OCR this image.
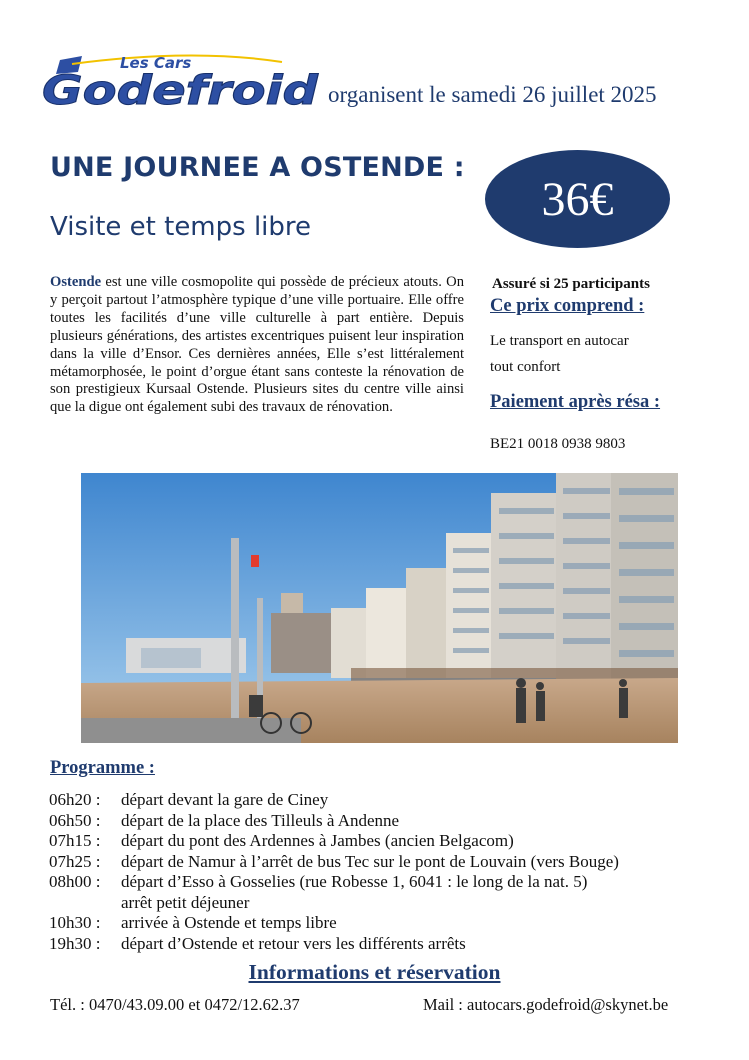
Les Cars
Godefroid organisent le samedi 26 juillet 2025
UNE JOURNEE A OSTENDE :
Visite et temps libre
36€
Ostende est une ville cosmopolite qui possède de précieux atouts. On y perçoit partout l’atmosphère typique d’une ville portuaire. Elle offre toutes les facilités d’une ville culturelle à part entière. Depuis plusieurs générations, des artistes excentriques puisent leur inspiration dans la ville d’Ensor. Ces dernières années, Elle s’est littéralement métamorphosée, le point d’orgue étant sans conteste la rénovation de son prestigieux Kursaal Ostende. Plusieurs sites du centre ville ainsi que la digue ont également subi des travaux de rénovation.
Assuré si 25 participants
Ce prix comprend :
Le transport en autocar
tout confort
Paiement après résa :
BE21 0018 0938 9803
Programme :
06h20 :	départ devant la gare de Ciney
06h50 :	départ de la place des Tilleuls à Andenne
07h15 :	départ du pont des Ardennes à Jambes (ancien Belgacom)
07h25 :	départ de Namur à l’arrêt de bus Tec sur le pont de Louvain (vers Bouge)
08h00 :	départ d’Esso à Gosselies (rue Robesse 1, 6041 : le long de la nat. 5)
arrêt petit déjeuner
10h30 :	arrivée à Ostende et temps libre
19h30 :	départ d’Ostende et retour vers les différents arrêts
Informations et réservation
Tél. : 0470/43.09.00 et 0472/12.62.37	Mail : autocars.godefroid@skynet.be
